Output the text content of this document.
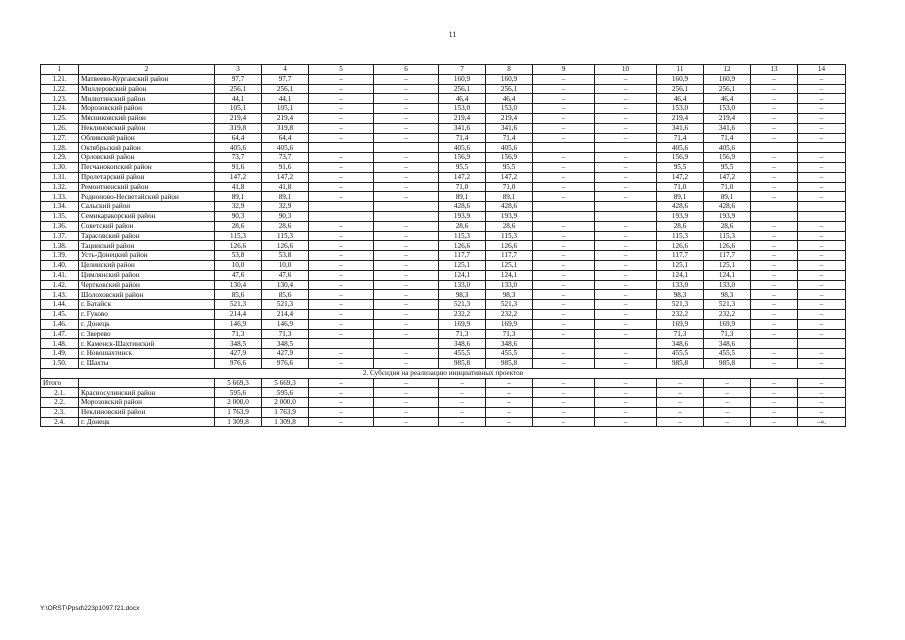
11
1	2	3	4	5	6	7	8	9	10	11	12	13	14
1.21.	Матвеево-Курганский район	97,7	97,7	–	–	160,9	160,9	–	–	160,9	160,9	–	–
1.22.	Миллеровский район	256,1	256,1	–	–	256,1	256,1	–	–	256,1	256,1	–	–
1.23.	Милютинский район	44,1	44,1	–	–	46,4	46,4	–	–	46,4	46,4	–	–
1.24.	Морозовский район	105,1	105,1	–	–	153,0	153,0	–	–	153,0	153,0	–	–
1.25.	Мясниковский район	219,4	219,4	–	–	219,4	219,4	–	–	219,4	219,4	–	–
1.26.	Неклиновский район	319,8	319,8	–	–	341,6	341,6	–	–	341,6	341,6	–	–
1.27.	Обливский район	64,4	64,4	–	–	71,4	71,4	–	–	71,4	71,4	–	–
1.28.	Октябрьский район	405,6	405,6			405,6	405,6			405,6	405,6		
1.29.	Орловский район	73,7	73,7	–	–	156,9	156,9	–	–	156,9	156,9	–	–
1.30.	Песчанокопский район	91,6	91,6	–	–	95,5	95,5	–	–	95,5	95,5	–	–
1.31.	Пролетарский район	147,2	147,2	–	–	147,2	147,2	–	–	147,2	147,2	–	–
1.32.	Ремонтненский район	41,8	41,8	–	–	71,0	71,0	–	–	71,0	71,0	–	–
1.33.	Родионово-Несветайский район	89,1	89,1	–	–	89,1	89,1	–	–	89,1	89,1	–	–
1.34.	Сальский район	32,9	32,9			428,6	428,6			428,6	428,6		
1.35.	Семикаракорский район	90,3	90,3			193,9	193,9			193,9	193,9		
1.36.	Советский район	28,6	28,6	–	–	28,6	28,6	–	–	28,6	28,6	–	–
1.37.	Тарасовский район	115,3	115,3	–	–	115,3	115,3	–	–	115,3	115,3	–	–
1.38.	Тацинский район	126,6	126,6	–	–	126,6	126,6	–	–	126,6	126,6	–	–
1.39.	Усть-Донецкий район	53,8	53,8	–	–	117,7	117,7	–	–	117,7	117,7	–	–
1.40.	Целинский район	10,0	10,0	–	–	125,1	125,1	–	–	125,1	125,1	–	–
1.41.	Цимлянский район	47,6	47,6	–	–	124,1	124,1	–	–	124,1	124,1	–	–
1.42.	Чертковский район	130,4	130,4	–	–	133,0	133,0	–	–	133,0	133,0	–	–
1.43.	Шолоховский район	85,6	85,6	–	–	98,3	98,3	–	–	98,3	98,3	–	–
1.44.	г. Батайск	521,3	521,3	–	–	521,3	521,3	–	–	521,3	521,3	–	–
1.45.	г. Гуково	214,4	214,4	–	–	232,2	232,2	–	–	232,2	232,2	–	–
1.46.	г. Донецк	146,9	146,9	–	–	169,9	169,9	–	–	169,9	169,9	–	–
1.47.	г. Зверево	71,3	71,3	–	–	71,3	71,3	–	–	71,3	71,3	–	–
1.48.	г. Каменск-Шахтинский	348,5	348,5			348,6	348,6			348,6	348,6		
1.49.	г. Новошахтинск	427,9	427,9	–	–	455,5	455,5	–	–	455,5	455,5	–	–
1.50.	г. Шахты	976,6	976,6	–	–	985,8	985,8	–	–	985,8	985,8	–	–
2. Субсидия на реализацию инициативных проектов													
Итого		5 669,3	5 669,3	–	–	–	–	–	–	–	–	–	–
2.1.	Красносулинский район	595,6	595,6	–	–	–	–	–	–	–	–	–	–
2.2.	Морозовский район	2 000,0	2 000,0	–	–	–	–	–	–	–	–	–	–
2.3.	Неклиновский район	1 763,9	1 763,9	–	–	–	–	–	–	–	–	–	–
2.4.	г. Донецк	1 309,8	1 309,8	–	–	–	–	–	–	–	–	–	–».
Y:\ORST\Ppsd\223p1097.f21.docx
